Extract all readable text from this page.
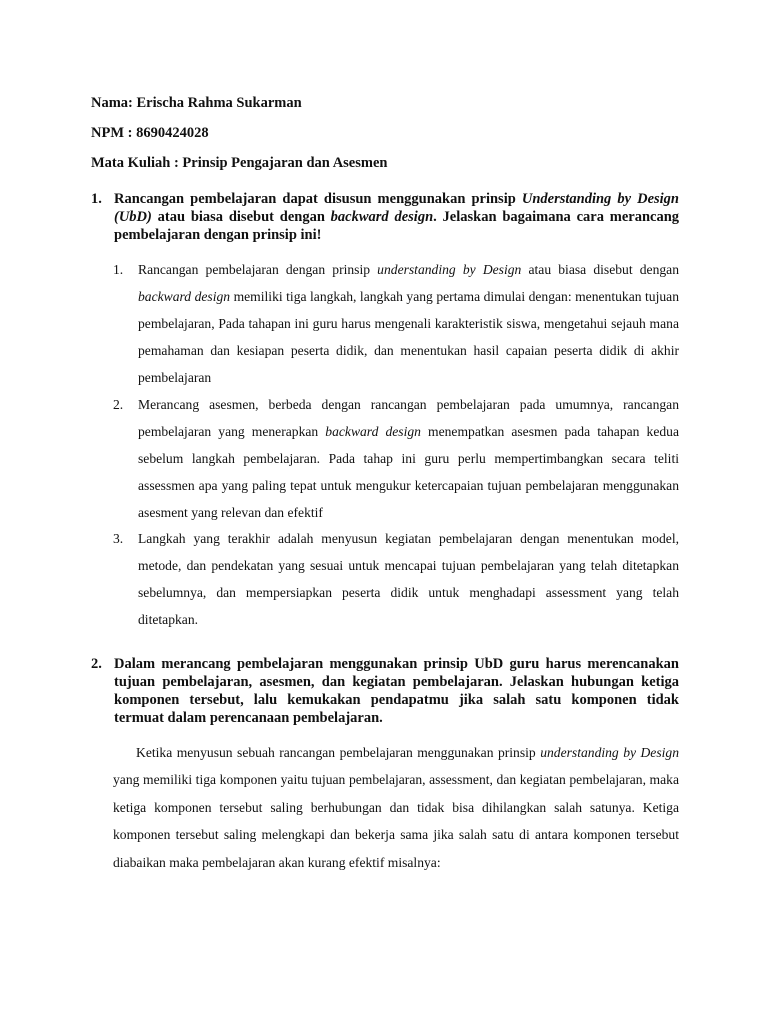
Nama: Erischa Rahma Sukarman
NPM : 8690424028
Mata Kuliah : Prinsip Pengajaran dan Asesmen
1. Rancangan pembelajaran dapat disusun menggunakan prinsip Understanding by Design (UbD) atau biasa disebut dengan backward design. Jelaskan bagaimana cara merancang pembelajaran dengan prinsip ini!
1. Rancangan pembelajaran dengan prinsip understanding by Design atau biasa disebut dengan backward design memiliki tiga langkah, langkah yang pertama dimulai dengan: menentukan tujuan pembelajaran, Pada tahapan ini guru harus mengenali karakteristik siswa, mengetahui sejauh mana pemahaman dan kesiapan peserta didik, dan menentukan hasil capaian peserta didik di akhir pembelajaran
2. Merancang asesmen, berbeda dengan rancangan pembelajaran pada umumnya, rancangan pembelajaran yang menerapkan backward design menempatkan asesmen pada tahapan kedua sebelum langkah pembelajaran. Pada tahap ini guru perlu mempertimbangkan secara teliti assessmen apa yang paling tepat untuk mengukur ketercapaian tujuan pembelajaran menggunakan asesment yang relevan dan efektif
3. Langkah yang terakhir adalah menyusun kegiatan pembelajaran dengan menentukan model, metode, dan pendekatan yang sesuai untuk mencapai tujuan pembelajaran yang telah ditetapkan sebelumnya, dan mempersiapkan peserta didik untuk menghadapi assessment yang telah ditetapkan.
2. Dalam merancang pembelajaran menggunakan prinsip UbD guru harus merencanakan tujuan pembelajaran, asesmen, dan kegiatan pembelajaran. Jelaskan hubungan ketiga komponen tersebut, lalu kemukakan pendapatmu jika salah satu komponen tidak
termuat dalam perencanaan pembelajaran.
Ketika menyusun sebuah rancangan pembelajaran menggunakan prinsip understanding by Design yang memiliki tiga komponen yaitu tujuan pembelajaran, assessment, dan kegiatan pembelajaran, maka ketiga komponen tersebut saling berhubungan dan tidak bisa dihilangkan salah satunya. Ketiga komponen tersebut saling melengkapi dan bekerja sama jika salah satu di antara komponen tersebut diabaikan maka pembelajaran akan kurang efektif misalnya:
